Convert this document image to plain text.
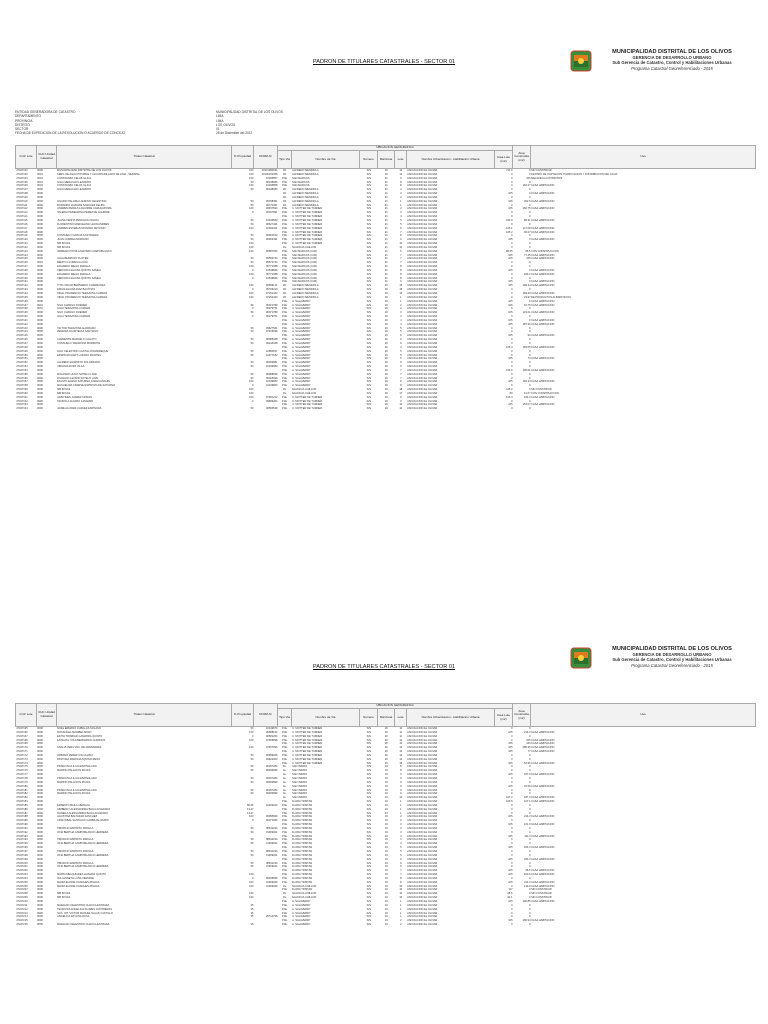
MUNICIPALIDAD DISTRITAL DE LOS OLIVOS
GERENCIA DE DESARROLLO URBANO
Sub Gerencia de Catastro, Control y Habilitaciones Urbanas
Programa Catastral Georeferenciado - 2015
PADRON DE TITULARES CATASTRALES - SECTOR 01
ENTIDAD GENERADORA DE CATASTRO
DEPARTAMENTO
PROVINCIA
DISTRITO
SECTOR
FECHA DE EXPEDICION DE LA RESOLUCION O ACUERDO DE CONCEJO
MUNICIPALIDAD DISTRITAL DE LOS OLIVOS
LIMA
LIMA
LOS OLIVOS
01
28 de Diciembre del 2012
CUC Lote	CUC Unidad Catastral	Titular Catastral	% Propiedad	DNI/RUC	UBICACION GEOGRAFICA							Area Construida (m2)	Uso
					Tipo Via	Nombre de Via	Numero	Manzana	Lote	Nombre Urbanizacion - Habilitacion Urbana	Area Lote (m2)		
47437102	0000	MUNICIPALIDAD DISTRITAL DE LOS OLIVOS	100	20131380631	JR.	ALFREDO MENDIOLA	S/N	20	13	ASOCIACION EL OLIVAR	711.0	0	SIN CONSTRUIR
47437103	0001	SERV. DE AGUA POTABLE Y ALCANTARILLADO DE LIMA - SEDAPAL	100	20100152356	JR.	ALFREDO MENDIOLA	S/N	20	12	ASOCIACION EL OLIVAR	0	0	CENTRO DE CAPTACION, PURIFICACION Y DISTRIBUCION DEL AGUA
47437104	0001	CONSTANZO CELAS ILLICA	100	10295857	PJE.	SAN MARCOS	S/N	21	9	ASOCIACION EL OLIVAR	0	105	MECANICA AUTOMOTRIZ
47437105	0001	ILILIA MENACHO LEANDRO	50	06248084	PJE.	SAN MARCOS	S/N	21	8	ASOCIACION EL OLIVAR	0	0	
47437106	0001	CONSTANZO CELAS ILLICA	100	10296858	PJE.	SAN MARCOS	S/N	21	8	ASOCIACION EL OLIVAR	0	166.27	CASA HABITACION
47437107	0000	ILILIA MENACHO LEANDRO	50	06248084	JR.	ALFREDO MENDIOLA	S/N	21	4	ASOCIACION EL OLIVAR	0	0	
47437108	0000				JR.	ALFREDO MENDIOLA	S/N	21	3	ASOCIACION EL OLIVAR	105	0	CASA HABITACION
47437109	0000				JR.	ALFREDO MENDIOLA	S/N	21	2	ASOCIACION EL OLIVAR	0	0	
47437110	0000	HILARIO PALOMA LAURINO CELESTINO	50	06768451	JR.	ALFREDO MENDIOLA	S/N	21	1	ASOCIACION EL OLIVAR	105	202.5	CASA HABITACION
47437111	0000	DURANDO HUAMAN SANCHEZ FELIPA	50	06770491	JR.	ALFREDO MENDIOLA	S/N	21	1	ASOCIACION EL OLIVAR	0	0	
47437112	0000	ANDRES PERALTA AGUIRRE CARHUAPOMA	100	06457694	PJE.	C. MOTTER DE TURNER	S/N	21	2	ASOCIACION EL OLIVAR	105	166.75	CASA HABITACION
47437113	0000	VALERIA PEREGRINA PEREZ DE AGUIRRE	0	06457691	PJE.	C. MOTTER DE TURNER	S/N	21	3	ASOCIACION EL OLIVAR	0	0	
47437114	0000				PJE.	C. MOTTER DE TURNER	S/N	21	4	ASOCIACION EL OLIVAR	0	0	
47437115	0000	JUANA VENITA PENCHAN OCHOA	50	10332569	PJE.	C. MOTTER DE TURNER	S/N	21	5	ASOCIACION EL OLIVAR	106.9	89.31	CASA HABITACION
47437116	0000	FLORENTINO MARCELINO LEON ANDRES	50	06627421	PJE.	C. MOTTER DE TURNER	S/N	21	5	ASOCIACION EL OLIVAR	0	0	
47437117	0000	ANDRES ESTEBAN DIONISIO ANTONIO	100	10460421	PJE.	C. MOTTER DE TURNER	S/N	21	6	ASOCIACION EL OLIVAR	105.1	147.08	CASA HABITACION
47437118	0000				PJE.	C. MOTTER DE TURNER	S/N	21	7	ASOCIACION EL OLIVAR	105.2	96.07	CASA HABITACION
47437119	0000	CONSUELO GARCIA CASTAÑEDA	50	06951514	PJE.	C. MOTTER DE TURNER	S/N	21	8	ASOCIACION EL OLIVAR	0	0	
47437120	0000	JUAN CORREA MORIANO	50	06962491	PJE.	C. MOTTER DE TURNER	S/N	21	9	ASOCIACION EL OLIVAR	105	0	CASA HABITACION
47437121	0000	MB INVIAS	100		PJE.	C. MOTTER DE TURNER	S/N	21	10	ASOCIACION EL OLIVAR	0	0	
47437122	0000	MB INVIAS	100		AV.	NAUCICIA CHILLON	S/N	21	11	ASOCIACION EL OLIVAR	0	0	
47437123	0000	ORMEÑO PUTRLA MAXIMO CAMPOBLANCO	100	06587053	PJE.	SAN MARCOS (CJR)	S/N	21	6	ASOCIACION EL OLIVAR	98.25	86.5	CON CONSTRUCCION
47437124	0000				PJE.	SAN MARCOS (CJR)	S/N	21	7	ASOCIACION EL OLIVAR	105	77.45	CASA HABITACION
47437125	0000	ILILIA BERMUDY FLOTER	50	09553744	PJE.	SAN MARCOS (CJR)	S/N	21	7	ASOCIACION EL OLIVAR	105	165	CASA HABITACION
47437126	0001	BENITO FLORES ILLULIA	50	09572744	PJE.	SAN MARCOS (CJR)	S/N	21	7	ASOCIACION EL OLIVAR	0	0	
47437127	0000	EDUARDO DIEGO PADILLA	100	06771388	PJE.	SAN MARCOS (CJR)	S/N	21	8	ASOCIACION EL OLIVAR	0	0	
47437128	0000	VERONICA ELIANA QUINTO SAMHA	0	10549826	PJE.	SAN MARCOS (CJR)	S/N	21	8	ASOCIACION EL OLIVAR	105	0	CASA HABITACION
47437129	0000	EDUARDO DIEGO PADILLA	100	06771388	PJE.	SAN MARCOS (CJR)	S/N	21	8	ASOCIACION EL OLIVAR	0	183.2	CASA HABITACION
47437130	0000	VERONICA ELIANA QUINTO SAMHA	0	10549826	PJE.	SAN MARCOS (CJR)	S/N	21	8	ASOCIACION EL OLIVAR	0	0	
47437131	0000				PJE.	SAN MARCOS (CJR)	S/N	21	9	ASOCIACION EL OLIVAR	105	0	CASA HABITACION
47437132	0000	TITO OSCAR BERNARDO CHARRANZA	100	06556141	JR.	ALFREDO MENDIOLA	S/N	20	15	ASOCIACION EL OLIVAR	105	299.34	CASA HABITACION
47437133	0000	EMILIA ELIANA DIAZ BAUTISTA	0	06706210	JR.	ALFREDO MENDIOLA	S/N	20	15	ASOCIACION EL OLIVAR	0	0	
47437134	0000	VIDAL PRUDENCIO TERAZONA CAMARA	100	07251443	JR.	ALFREDO MENDIOLA	S/N	20	16	ASOCIACION EL OLIVAR	0	283.29	CASA HABITACION
47437135	0000	VIDAL PRUDENCIO TERAZONA CAMARA	100	07251443	JR.	ALFREDO MENDIOLA	S/N	20	1	ASOCIACION EL OLIVAR	0	23.97	DE PRODUCTOS ALIMENTICIOS
47437136	0000				PJE.	A. SALAVERRY	S/N	20	1	ASOCIACION EL OLIVAR	105	0	CASA HABITACION
47437137	0001	NILO CHANGO DOEDER	50	06071789	PJE.	A. SALAVERRY	S/N	20	2	ASOCIACION EL OLIVAR	105	91.75	CASA HABITACION
47437138	0001	ILILIA TERAZONA CAMARA	0	06279751	PJE.	A. SALAVERRY	S/N	20	2	ASOCIACION EL OLIVAR	0	0	
47437139	0000	NILO CHANGO DOEDER	50	06071789	PJE.	A. SALAVERRY	S/N	20	3	ASOCIACION EL OLIVAR	105	131.01	CASA HABITACION
47437140	0000	ILILIA TERAZONA CAMARA	0	06279751	PJE.	A. SALAVERRY	S/N	20	3	ASOCIACION EL OLIVAR	0	0	
47437141	0000				PJE.	A. SALAVERRY	S/N	20	4	ASOCIACION EL OLIVAR	105	0	CASA HABITACION
47437142	0000				PJE.	A. SALAVERRY	S/N	20	4	ASOCIACION EL OLIVAR	105	187.36	CASA HABITACION
47437143	0000	VICTOR TARAZONA ALVARADO	50	09627541	PJE.	A. SALAVERRY	S/N	20	5	ASOCIACION EL OLIVAR	0	0	
47437144	0000	ZENEIDA OLORTEGUI SANTIAGO	50	07215596	PJE.	A. SALAVERRY	S/N	20	5	ASOCIACION EL OLIVAR	0	0	
47437145	0000				PJE.	A. SALAVERRY	S/N	20	6	ASOCIACION EL OLIVAR	105	90	CASA HABITACION
47437146	0000	CLEMENTE MARCELO CALIXTO	50	06088448	PJE.	A. SALAVERRY	S/N	20	6	ASOCIACION EL OLIVAR	0	0	
47437147	0000	CONSUELO TARAZONA MORROTE	50	06244048	PJE.	A. SALAVERRY	S/N	20	6	ASOCIACION EL OLIVAR	0	0	
47437148	0000				PJE.	A. SALAVERRY	S/N	20	4	ASOCIACION EL OLIVAR	105.4	165.05	CASA HABITACION
47437149	0000	HILO CELESTINO CASTILLO RAMIREQUE	50	10860637	PJE.	A. SALAVERRY	S/N	20	5	ASOCIACION EL OLIVAR	0	0	
47437150	0000	EDWIN RICHART LAZARO MONTES	50	10477182	PJE.	A. SALAVERRY	S/N	20	5	ASOCIACION EL OLIVAR	0	0	
47437151	0000				PJE.	A. SALAVERRY	S/N	20	6	ASOCIACION EL OLIVAR	105	73	CASA HABITACION
47437152	0000	ALFREDO EVARISTO SOLORZANO	50	06039081	PJE.	A. SALAVERRY	S/N	20	6	ASOCIACION EL OLIVAR	0	0	
47437153	0000	VIRGINIA RUIDI VILCA	50	10349083	PJE.	A. SALAVERRY	S/N	20	6	ASOCIACION EL OLIVAR	0	0	
47437154	0000				PJE.	A. SALAVERRY	S/N	20	7	ASOCIACION EL OLIVAR	106.6	105.01	CASA HABITACION
47437155	0000	ROLANDO HUGO SOTELO LAVE	50	06988090	PJE.	A. SALAVERRY	S/N	20	7	ASOCIACION EL OLIVAR	0	0	
47437156	0000	OSVALDO LEONID SOTELO LAVE	50	06015099	PJE.	A. SALAVERRY	S/N	20	7	ASOCIACION EL OLIVAR	0	0	
47437157	0000	FAUSTO ELENO SATURNO CARHUANCHIN	100	10349863	PJE.	A. SALAVERRY	S/N	20	8	ASOCIACION EL OLIVAR	105	166.33	CASA HABITACION
47437158	0000	MAGUELINA CRARSE ESPINOZA DE SATURNO	0	10349863	PJE.	A. SALAVERRY	S/N	20	8	ASOCIACION EL OLIVAR	0	0	
47437159	0000	MB INVIAS	100		AV.	NAUCICIA CHILLON	S/N	20	18	ASOCIACION EL OLIVAR	115.3	0	SIN CONSTRUIR
47437160	0000	MB INVIAS	100		AV.	NAUCICIA CHILLON	S/N	20	17	ASOCIACION EL OLIVAR	80	12.07	CON CONSTRUCCION
47437161	0000	ARISTIDES JUAREZ MORAN	100	07997212	PJE.	C. MOTTER DE TURNER	S/N	20	9	ASOCIACION EL OLIVAR	105.4	183.3	CASA HABITACION
47437162	0000	TEODOLA ALFARO LANAMPA	0	09686204	PJE.	C. MOTTER DE TURNER	S/N	20	9	ASOCIACION EL OLIVAR	0	0	
47437163	0000				PJE.	C. MOTTER DE TURNER	S/N	20	10	ASOCIACION EL OLIVAR	105	153.07	CASA HABITACION
47437164	0000	JAIME ALCIDES CHAVEZ ESPINOZA	50	06556549	PJE.	C. MOTTER DE TURNER	S/N	20	10	ASOCIACION EL OLIVAR	0	0	
MUNICIPALIDAD DISTRITAL DE LOS OLIVOS
GERENCIA DE DESARROLLO URBANO
Sub Gerencia de Catastro, Control y Habilitaciones Urbanas
Programa Catastral Georeferenciado - 2015
PADRON DE TITULARES CATASTRALES - SECTOR 01
CUC Lote	CUC Unidad Catastral	Titular Catastral	% Propiedad	DNI/RUC	UBICACION GEOGRAFICA							Area Construida (m2)	Uso
					Tipo Via	Nombre de Via	Numero	Manzana	Lote	Nombre Urbanizacion - Habilitacion Urbana	Area Lote (m2)		
47437165	0000	NOEL ERMANO CUBILLAS SOLANO	50	10149673	PJE.	C. MOTTER DE TURNER	S/N	20	10	ASOCIACION EL OLIVAR	0	0	
47437166	0000	ROSANGEL MARIBEL MORY	100	06588154	PJE.	C. MOTTER DE TURNER	S/N	20	11	ASOCIACION EL OLIVAR	105	214.3	CASA HABITACION
47437167	0000	EDITH TRINIDAD GAMARRA QUINTO	0	06682263	PJE.	C. MOTTER DE TURNER	S/N	20	11	ASOCIACION EL OLIVAR	0	0	
47437168	0000	ESTELITA YOLA BERNARDO CHIRINOS	100	07663898	PJE.	C. MOTTER DE TURNER	S/N	20	12	ASOCIACION EL OLIVAR	0	105	CASA HABITACION
47437169	0000				PJE.	C. MOTTER DE TURNER	S/N	20	12	ASOCIACION EL OLIVAR	105	169	CASA HABITACION
47437170	0000	ANALIA VERA VDA. DE FERNANDEZ	100	07457996	PJE.	C. MOTTER DE TURNER	S/N	20	13	ASOCIACION EL OLIVAR	105	286.35	CASA HABITACION
47437171	0000				PJE.	C. MOTTER DE TURNER	S/N	20	14	ASOCIACION EL OLIVAR	105	77	CASA HABITACION
47437172	0000	URBANO PEREZ COLCHADO	50	06959925	PJE.	C. MOTTER DE TURNER	S/N	20	14	ASOCIACION EL OLIVAR	0	0	
47437173	0000	PASTORA RAMONA AQUINO REGO	50	09922003	PJE.	C. MOTTER DE TURNER	S/N	20	14	ASOCIACION EL OLIVAR	0	0	
47437174	0000				PJE.	C. MOTTER DE TURNER	S/N	20	15	ASOCIACION EL OLIVAR	105	52.96	CASA HABITACION
47437175	0000	PRANCISCA ILILIA ESPINALANO	50	06257284	AL.	SAN ISIDRO	S/N	19	8	ASOCIACION EL OLIVAR	0	0	
47437176	0000	MARINO PALACIOS ROJAS	50	06484899	AL.	SAN ISIDRO	S/N	19	8	ASOCIACION EL OLIVAR	0	0	
47437177	0000				AL.	SAN ISIDRO	S/N	19	9	ASOCIACION EL OLIVAR	105	167.9	CASA HABITACION
47437178	0000	PRANCISCA ILILIA ESPINALANO	50	06257284	AL.	SAN ISIDRO	S/N	19	9	ASOCIACION EL OLIVAR	0	0	
47437179	0000	MARINO PALACIOS ROJAS	50	06484899	AL.	SAN ISIDRO	S/N	19	9	ASOCIACION EL OLIVAR	0	0	
47437180	0000				AL.	SAN ISIDRO	S/N	19	9	ASOCIACION EL OLIVAR	105	46.56	CASA HABITACION
47437181	0000	PRANCISCA ILILIA ESPINALANO	50	06257284	AL.	SAN ISIDRO	S/N	19	9	ASOCIACION EL OLIVAR	0	0	
47437182	0000	MARINO PALACIOS ROJAS	50	06484899	AL.	SAN ISIDRO	S/N	19	9	ASOCIACION EL OLIVAR	0	0	
47437183	0000				AL.	SAN ISIDRO	S/N	19	10	ASOCIACION EL OLIVAR	107.2	187.3	CASA HABITACION
47437184	0000				PJE.	FLORA TRISTAN	S/N	19	1	ASOCIACION EL OLIVAR	109.5	107.1	CASA HABITACION
47437185	0000	ERNESTO BAILA ABANAYA	86.66	10329013	PJE.	FLORA TRISTAN	S/N	19	1	ASOCIACION EL OLIVAR	0	0	
47437186	0000	KIMBERLY ALESSANDRA BAILA ALVARADO	13.47		PJE.	FLORA TRISTAN	S/N	19	1	ASOCIACION EL OLIVAR	0	0	
47437187	0000	DANIELA ALESSANDRA BAILA ALVARADO	13.47		PJE.	FLORA TRISTAN	S/N	19	1	ASOCIACION EL OLIVAR	0	0	
47437188	0000	AGUSTINA BALTAZAR SANCHEZ	100	06955660	PJE.	FLORA TRISTAN	S/N	19	2	ASOCIACION EL OLIVAR	105	214.3	CASA HABITACION
47437189	0000	CRISTOBAL SANTIAGO CARBAJAL RUBIO	0	06071966	PJE.	FLORA TRISTAN	S/N	19	2	ASOCIACION EL OLIVAR	0	0	
47437190	0000				PJE.	FLORA TRISTAN	S/N	19	3	ASOCIACION EL OLIVAR	105	161.9	CASA HABITACION
47437191	0000	TIBURCIO ESPIRITU PADILLA	50	08641234	PJE.	FLORA TRISTAN	S/N	19	3	ASOCIACION EL OLIVAR	0	0	
47437192	0000	OFIA BERTHA CAMPOBLANCO HERRERA	50	31909021	PJE.	FLORA TRISTAN	S/N	19	3	ASOCIACION EL OLIVAR	0	0	
47437193	0000				PJE.	FLORA TRISTAN	S/N	19	4	ASOCIACION EL OLIVAR	105	111.3	CASA HABITACION
47437194	0000	TIBURCIO ESPIRITU PADILLA	50	08641234	PJE.	FLORA TRISTAN	S/N	19	4	ASOCIACION EL OLIVAR	0	0	
47437195	0000	OFIA BERTHA CAMPOBLANCO HERRERA	50	31909021	PJE.	FLORA TRISTAN	S/N	19	4	ASOCIACION EL OLIVAR	0	0	
47437196	0000				PJE.	FLORA TRISTAN	S/N	19	5	ASOCIACION EL OLIVAR	105	183.3	CASA HABITACION
47437197	0000	TIBURCIO ESPIRITU PADILLA	50	08641234	PJE.	FLORA TRISTAN	S/N	19	5	ASOCIACION EL OLIVAR	0	0	
47437198	0000	OFIA BERTHA CAMPOBLANCO HERRERA	50	31909021	PJE.	FLORA TRISTAN	S/N	19	5	ASOCIACION EL OLIVAR	0	0	
47437199	0000				PJE.	FLORA TRISTAN	S/N	19	6	ASOCIACION EL OLIVAR	105	183.3	CASA HABITACION
47437200	0000	TIBURCIO ESPIRITU PADILLA	50	08641234	PJE.	FLORA TRISTAN	S/N	19	6	ASOCIACION EL OLIVAR	0	0	
47437201	0000	OFIA BERTHA CAMPOBLANCO HERRERA	50	31909021	PJE.	FLORA TRISTAN	S/N	19	6	ASOCIACION EL OLIVAR	0	0	
47437202	0000				PJE.	FLORA TRISTAN	S/N	19	7	ASOCIACION EL OLIVAR	105	96.5	CASA HABITACION
47437203	0000	MARIO MELQUIADES HUAMAN QUINTO	100		PJE.	FLORA TRISTAN	S/N	19	7	ASOCIACION EL OLIVAR	105	100.5	CASA HABITACION
47437204	0000	IDA JANNETH LUNA VERGIRE	0	09465845	PJE.	FLORA TRISTAN	S/N	19	8	ASOCIACION EL OLIVAR	0	0	
47437205	0000	MAIRA ELODIE CANCHES ATAHUA	100	31909029	PJE.	FLORA TRISTAN	S/N	19	8	ASOCIACION EL OLIVAR	105	211.3	CASA HABITACION
47437206	0000	MAIRA ELODIE CANCHES ATAHUA	100	31909029	AV.	NAUCICIA CHILLON	S/N	19	10	ASOCIACION EL OLIVAR	0	133.9	CASA HABITACION
47437207	0000				PJE.	FLORA TRISTAN	S/N	19	10	ASOCIACION EL OLIVAR	117	0	SIN CONSTRUIR
47437208	0000	MB INVIAS	100		AV.	NAUCICIA CHILLON	S/N	19	10	ASOCIACION EL OLIVAR	68.5	0	SIN CONSTRUIR
47437209	0000	MB INVIAS	100		AV.	NAUCICIA CHILLON	S/N	19	10	ASOCIACION EL OLIVAR	63.1	0	SIN CONSTRUIR
47437210	0000				PJE.	A. SALAVERRY	S/N	19	1	ASOCIACION EL OLIVAR	105	196.85	CASA HABITACION
47437211	0000	MAFALDO CELESTINO CHAUCA ESTRADA	25		PJE.	A. SALAVERRY	S/N	19	1	ASOCIACION EL OLIVAR	0	0	
47437212	0000	TEODOSIA ANGELICA FLORES CONTRERAS	25		PJE.	A. SALAVERRY	S/N	19	1	ASOCIACION EL OLIVAR	0	0	
47437213	0000	SUC. INT. VICTOR MANUEL SALAS CASTILLO	25		PJE.	A. SALAVERRY	S/N	19	1	ASOCIACION EL OLIVAR	0	0	
47437214	0000	ANGELICA RAYONA ROSA	25	25714798	PJE.	A. SALAVERRY	S/N	19	1	ASOCIACION EL OLIVAR	0	0	
47437215	0000				PJE.	A. SALAVERRY	S/N	19	2	ASOCIACION EL OLIVAR	105	186.94	CASA HABITACION
47437216	0000	MAFALDO CELESTINO CHAUCA ESTRADA	25		PJE.	A. SALAVERRY	S/N	19	2	ASOCIACION EL OLIVAR	0	0	
